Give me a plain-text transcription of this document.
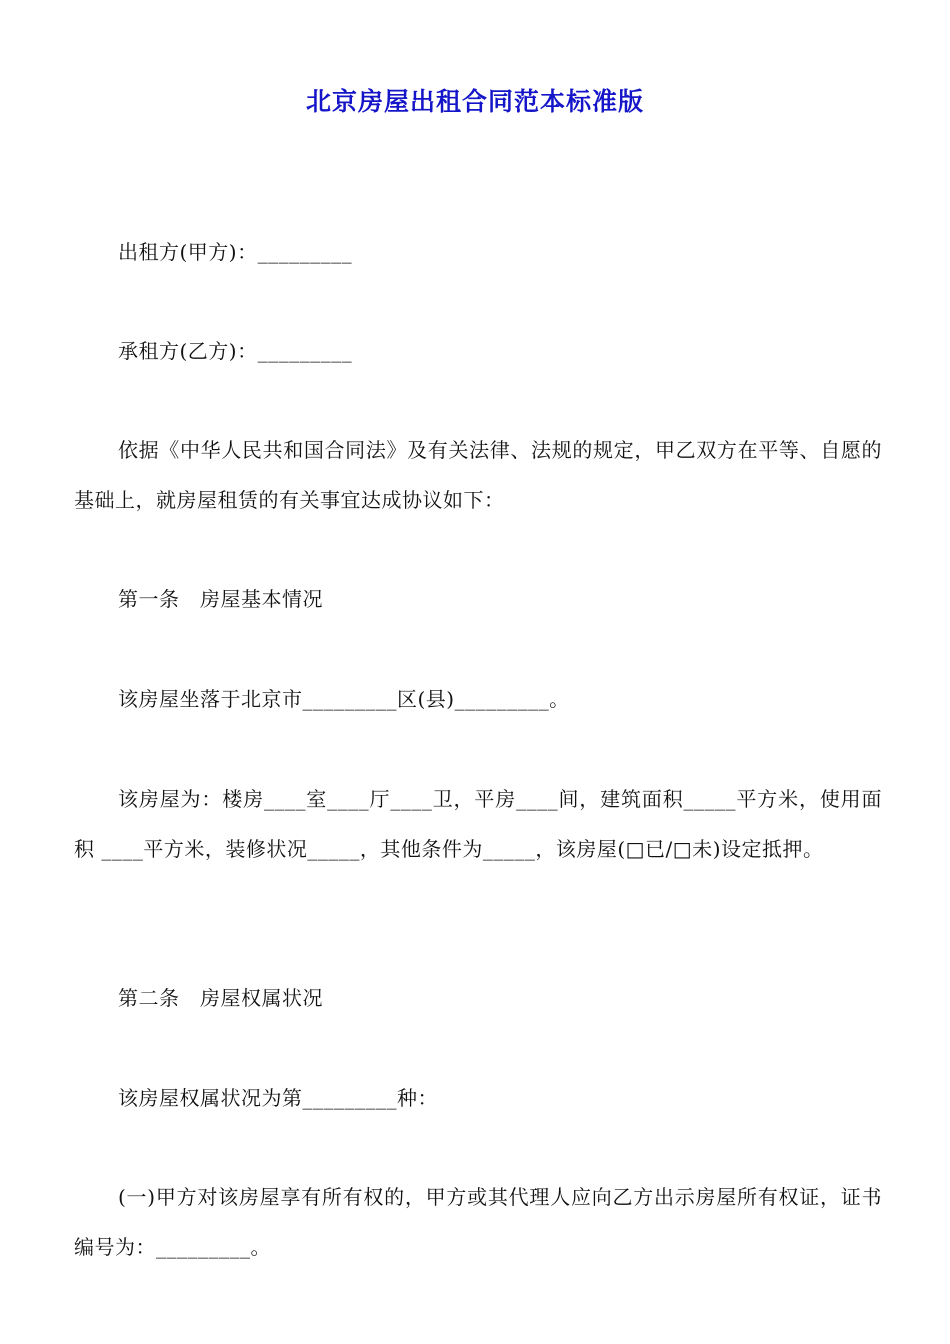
北京房屋出租合同范本标准版
出租方(甲方)：_________
承租方(乙方)：_________
依据《中华人民共和国合同法》及有关法律、法规的规定，甲乙双方在平等、自愿的基础上，就房屋租赁的有关事宜达成协议如下：
第一条　房屋基本情况
该房屋坐落于北京市_________区(县)_________。
该房屋为：楼房____室____厅____卫，平房____间，建筑面积_____平方米，使用面积 ____平方米，装修状况_____，其他条件为_____，该房屋(□已/□未)设定抵押。
第二条　房屋权属状况
该房屋权属状况为第_________种：
(一)甲方对该房屋享有所有权的，甲方或其代理人应向乙方出示房屋所有权证，证书编号为：_________。
